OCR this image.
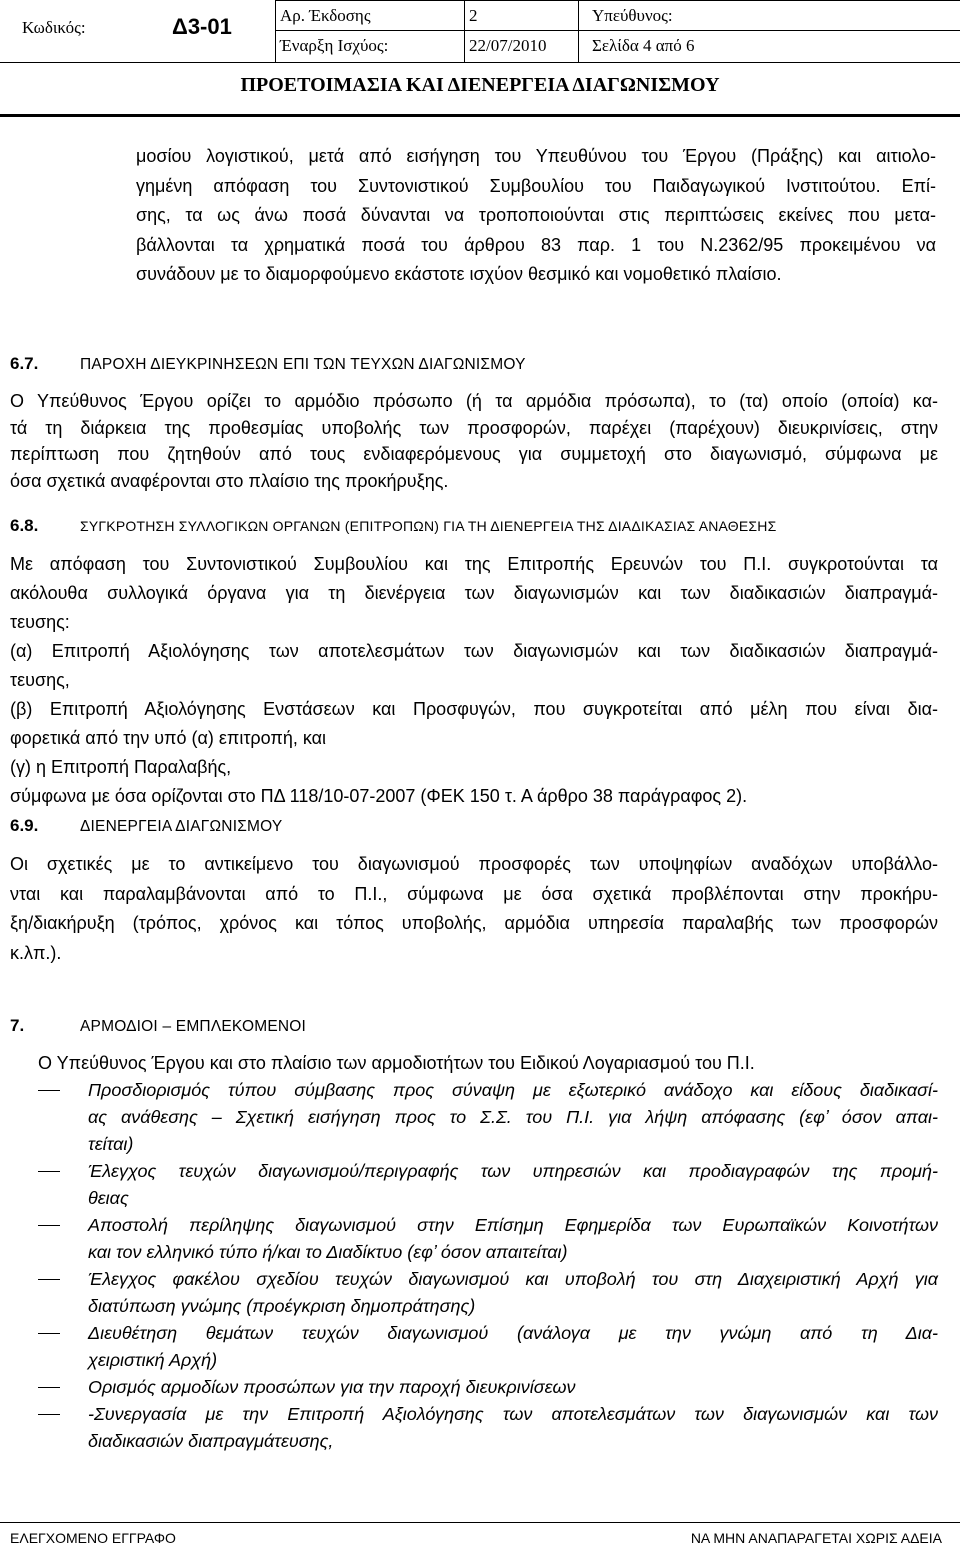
Κωδικός:	Δ3-01	Αρ. Έκδοσης	2	Υπεύθυνος:
Έναρξη Ισχύος:	22/07/2010	Σελίδα 4 από 6
ΠΡΟΕΤΟΙΜΑΣΙΑ ΚΑΙ ΔΙΕΝΕΡΓΕΙΑ ΔΙΑΓΩΝΙΣΜΟΥ
μοσίου λογιστικού, μετά από εισήγηση του Υπευθύνου του Έργου (Πράξης) και αιτιολο-
γημένη απόφαση του Συντονιστικού Συμβουλίου του Παιδαγωγικού Ινστιτούτου. Επί-
σης, τα ως άνω ποσά δύνανται να τροποποιούνται στις περιπτώσεις εκείνες που μετα-
βάλλονται τα χρηματικά ποσά του άρθρου 83 παρ. 1 του Ν.2362/95 προκειμένου να
συνάδουν με το διαμορφούμενο εκάστοτε ισχύον θεσμικό και νομοθετικό πλαίσιο.
6.7.	ΠΑΡΟΧΗ ΔΙΕΥΚΡΙΝΗΣΕΩΝ ΕΠΙ ΤΩΝ ΤΕΥΧΩΝ ΔΙΑΓΩΝΙΣΜΟΥ
Ο Υπεύθυνος Έργου ορίζει το αρμόδιο πρόσωπο (ή τα αρμόδια πρόσωπα), το (τα) οποίο (οποία) κα-
τά τη διάρκεια της προθεσμίας υποβολής των προσφορών, παρέχει (παρέχουν) διευκρινίσεις, στην
περίπτωση που ζητηθούν από τους ενδιαφερόμενους για συμμετοχή στο διαγωνισμό, σύμφωνα με
όσα σχετικά αναφέρονται στο πλαίσιο της προκήρυξης.
6.8.	ΣΥΓΚΡΟΤΗΣΗ ΣΥΛΛΟΓΙΚΩΝ ΟΡΓΑΝΩΝ (ΕΠΙΤΡΟΠΩΝ) ΓΙΑ ΤΗ ΔΙΕΝΕΡΓΕΙΑ ΤΗΣ ΔΙΑΔΙΚΑΣΙΑΣ ΑΝΑΘΕΣΗΣ
Με απόφαση του Συντονιστικού Συμβουλίου και της Επιτροπής Ερευνών του Π.Ι. συγκροτούνται τα
ακόλουθα συλλογικά όργανα για τη διενέργεια των διαγωνισμών και των διαδικασιών διαπραγμά-
τευσης:
(α) Επιτροπή Αξιολόγησης των αποτελεσμάτων των διαγωνισμών και των διαδικασιών διαπραγμά-
τευσης,
(β) Επιτροπή Αξιολόγησης Ενστάσεων και Προσφυγών, που συγκροτείται από μέλη που είναι δια-
φορετικά από την υπό (α) επιτροπή, και
(γ) η Επιτροπή Παραλαβής,
σύμφωνα με όσα ορίζονται στο ΠΔ 118/10-07-2007 (ΦΕΚ 150 τ. Α άρθρο 38 παράγραφος 2).
6.9.	ΔΙΕΝΕΡΓΕΙΑ ΔΙΑΓΩΝΙΣΜΟΥ
Οι σχετικές με το αντικείμενο του διαγωνισμού προσφορές των υποψηφίων αναδόχων υποβάλλο-
νται και παραλαμβάνονται από το Π.Ι., σύμφωνα με όσα σχετικά προβλέπονται στην προκήρυ-
ξη/διακήρυξη (τρόπος, χρόνος και τόπος υποβολής, αρμόδια υπηρεσία παραλαβής των προσφορών
κ.λπ.).
7.	ΑΡΜΟΔΙΟΙ – ΕΜΠΛΕΚΟΜΕΝΟΙ
Ο Υπεύθυνος Έργου και στο πλαίσιο των αρμοδιοτήτων του Ειδικού Λογαριασμού του Π.Ι.
Προσδιορισμός τύπου σύμβασης προς σύναψη με εξωτερικό ανάδοχο και είδους διαδικασί-
ας ανάθεσης – Σχετική εισήγηση προς το Σ.Σ. του Π.Ι. για λήψη απόφασης (εφ’ όσον απαι-
τείται)
Έλεγχος τευχών διαγωνισμού/περιγραφής των υπηρεσιών και προδιαγραφών της προμή-
θειας
Αποστολή περίληψης διαγωνισμού στην Επίσημη Εφημερίδα των Ευρωπαϊκών Κοινοτήτων
και τον ελληνικό τύπο ή/και το Διαδίκτυο (εφ’ όσον απαιτείται)
Έλεγχος φακέλου σχεδίου τευχών διαγωνισμού και υποβολή του στη Διαχειριστική Αρχή για
διατύπωση γνώμης (προέγκριση δημοπράτησης)
Διευθέτηση θεμάτων τευχών διαγωνισμού (ανάλογα με την γνώμη από τη Δια-
χειριστική Αρχή)
Ορισμός αρμοδίων προσώπων για την παροχή διευκρινίσεων
-Συνεργασία με την Επιτροπή Αξιολόγησης των αποτελεσμάτων των διαγωνισμών και των
διαδικασιών διαπραγμάτευσης,
ΕΛΕΓΧΟΜΕΝΟ ΕΓΓΡΑΦΟ	ΝΑ ΜΗΝ ΑΝΑΠΑΡΑΓΕΤΑΙ ΧΩΡΙΣ ΑΔΕΙΑ
